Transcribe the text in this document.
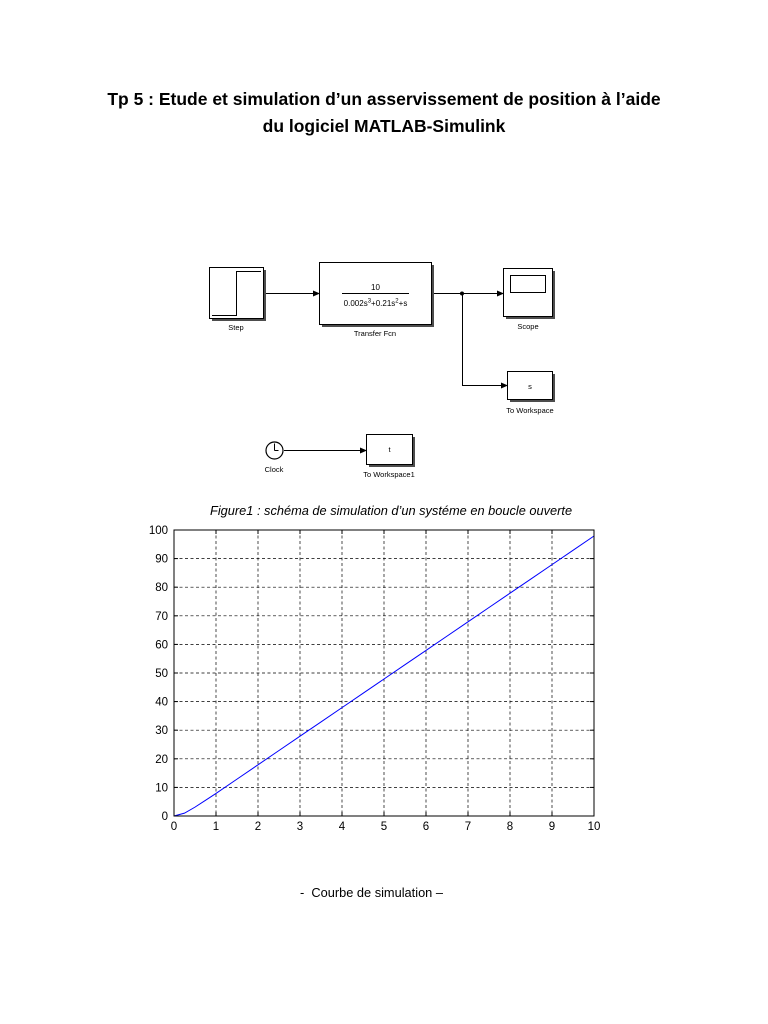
Tp 5 : Etude et simulation d’un asservissement de position à l’aide
du logiciel MATLAB-Simulink
Step
10
$0.002s^3+0.21s^2+s$
Transfer Fcn
Scope
s
To Workspace
Clock
t
To Workspace1
Figure1 : schéma de simulation d’un systéme en boucle ouverte
0	1	2	3	4	5	6	7	8	9	10
0
10
20
30
40
50
60
70
80
90
100
-  Courbe de simulation –
